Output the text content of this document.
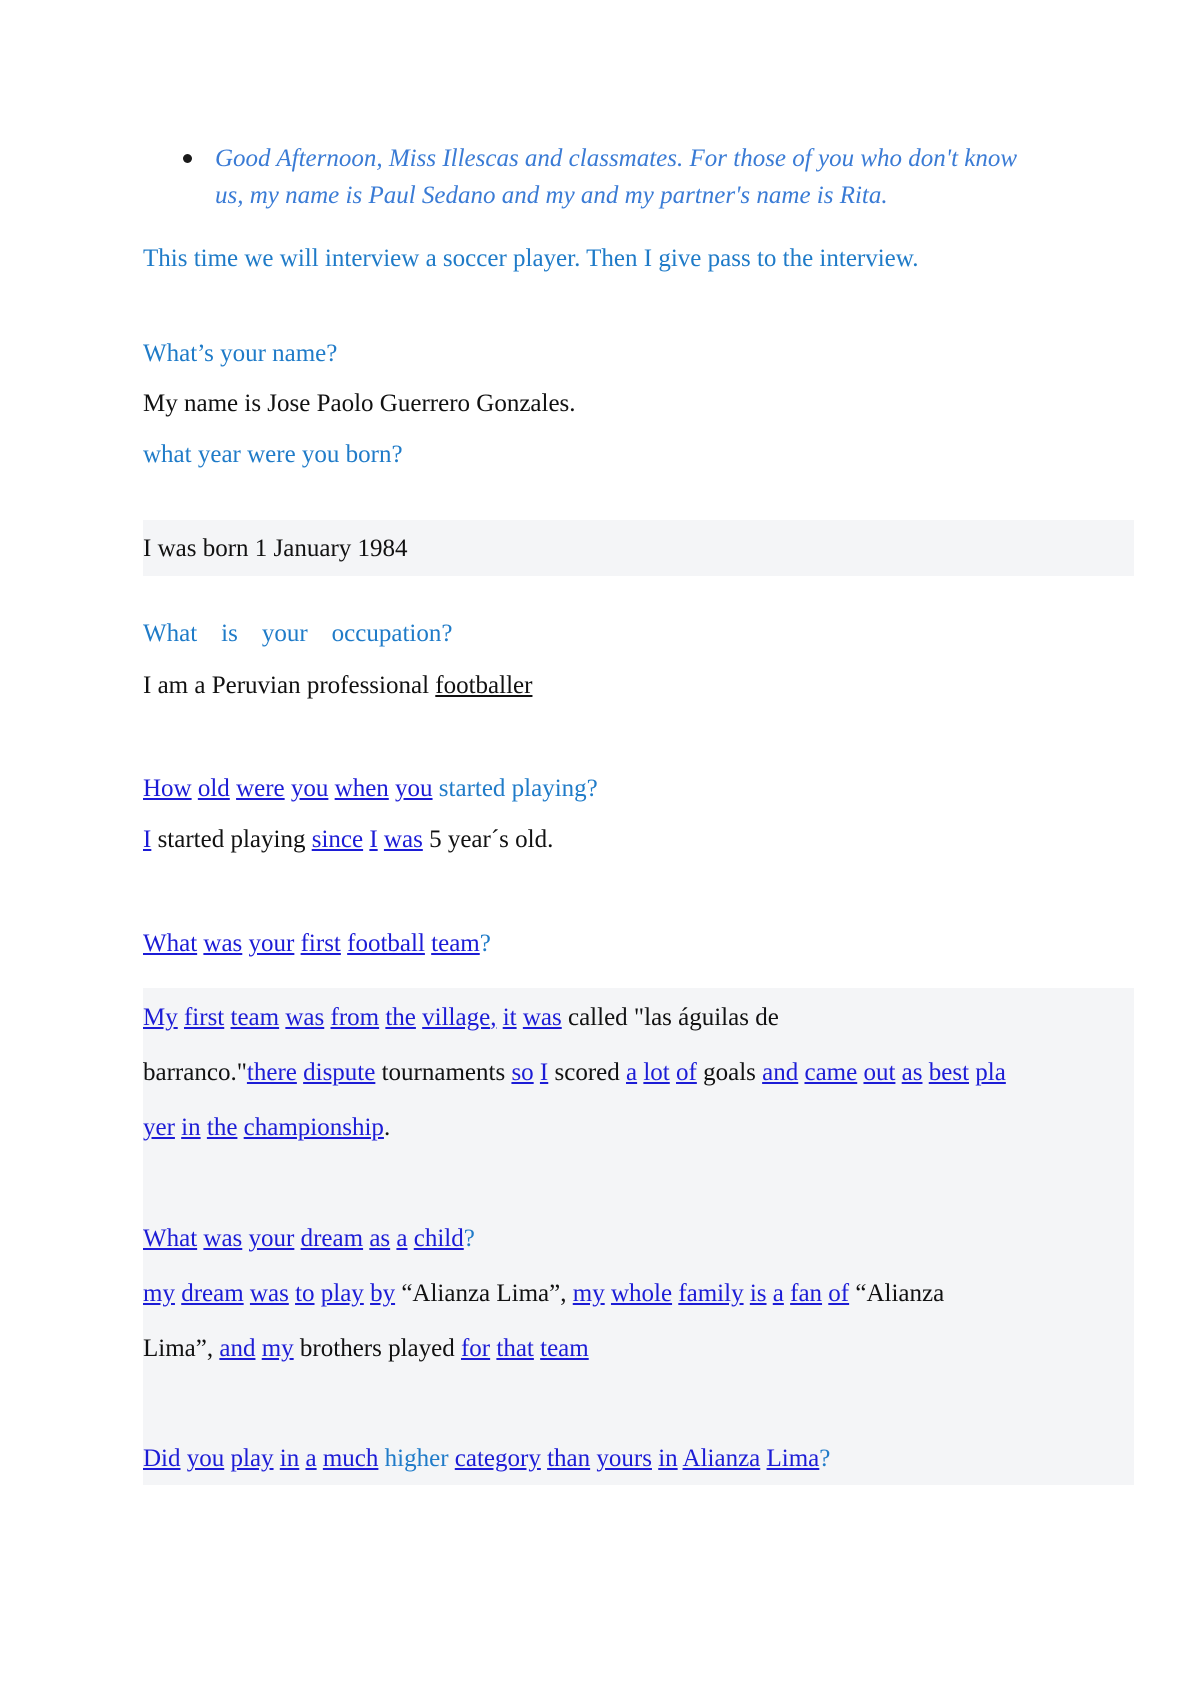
Good Afternoon, Miss Illescas and classmates. For those of you who don't know
us, my name is Paul Sedano and my and my partner's name is Rita.
This time we will interview a soccer player. Then I give pass to the interview.
What’s your name?
My name is Jose Paolo Guerrero Gonzales.
what year were you born?
I was born 1 January 1984
What is your occupation?
I am a Peruvian professional footballer
How old were you when you started playing?
I started playing since I was 5 year´s old.
What was your first football team?
My first team was from the village, it was called "las águilas de
barranco."there dispute tournaments so I scored a lot of goals and came out as best pla
yer in the championship.
What was your dream as a child?
my dream was to play by “Alianza Lima”, my whole family is a fan of “Alianza
Lima”, and my brothers played for that team
Did you play in a much higher category than yours in Alianza Lima?
